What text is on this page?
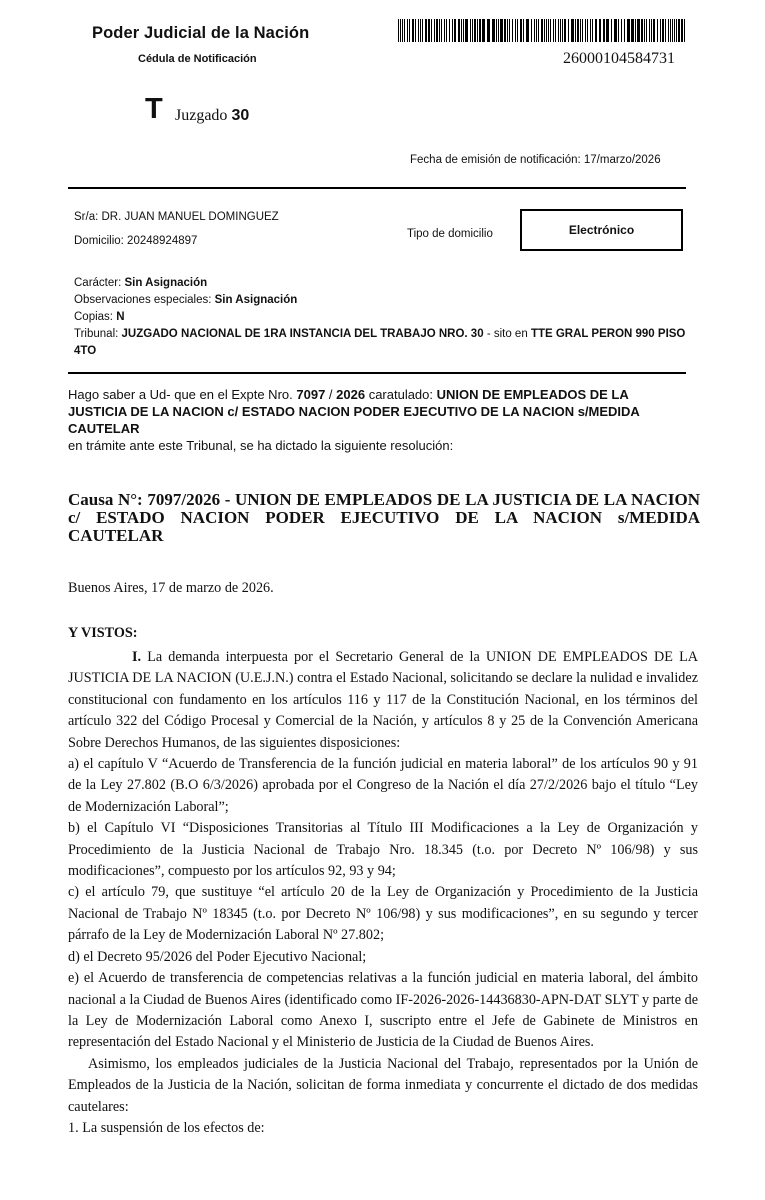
Poder Judicial de la Nación
Cédula de Notificación	26000104584731
T Juzgado 30
Fecha de emisión de notificación: 17/marzo/2026
Sr/a: DR. JUAN MANUEL DOMINGUEZ
Domicilio: 20248924897
Tipo de domicilio	Electrónico
Carácter: Sin Asignación
Observaciones especiales: Sin Asignación
Copias: N
Tribunal: JUZGADO NACIONAL DE 1RA INSTANCIA DEL TRABAJO NRO. 30 - sito en TTE GRAL PERON 990 PISO 4TO
Hago saber a Ud- que en el Expte Nro. 7097 / 2026 caratulado: UNION DE EMPLEADOS DE LA JUSTICIA DE LA NACION c/ ESTADO NACION PODER EJECUTIVO DE LA NACION s/MEDIDA CAUTELAR
en trámite ante este Tribunal, se ha dictado la siguiente resolución:
Causa N°: 7097/2026 - UNION DE EMPLEADOS DE LA JUSTICIA DE LA NACION c/ ESTADO NACION PODER EJECUTIVO DE LA NACION s/MEDIDA CAUTELAR
Buenos Aires, 17 de marzo de 2026.
Y VISTOS:

I. La demanda interpuesta por el Secretario General de la UNION DE EMPLEADOS DE LA JUSTICIA DE LA NACION (U.E.J.N.) contra el Estado Nacional, solicitando se declare la nulidad e invalidez constitucional con fundamento en los artículos 116 y 117 de la Constitución Nacional, en los términos del artículo 322 del Código Procesal y Comercial de la Nación, y artículos 8 y 25 de la Convención Americana Sobre Derechos Humanos, de las siguientes disposiciones:

a) el capítulo V “Acuerdo de Transferencia de la función judicial en materia laboral” de los artículos 90 y 91 de la Ley 27.802 (B.O 6/3/2026) aprobada por el Congreso de la Nación el día 27/2/2026 bajo el título “Ley de Modernización Laboral”;

b) el Capítulo VI “Disposiciones Transitorias al Título III Modificaciones a la Ley de Organización y Procedimiento de la Justicia Nacional de Trabajo Nro. 18.345 (t.o. por Decreto Nº 106/98) y sus modificaciones”, compuesto por los artículos 92, 93 y 94;

c) el artículo 79, que sustituye “el artículo 20 de la Ley de Organización y Procedimiento de la Justicia Nacional de Trabajo Nº 18345 (t.o. por Decreto Nº 106/98) y sus modificaciones”, en su segundo y tercer párrafo de la Ley de Modernización Laboral Nº 27.802;

d) el Decreto 95/2026 del Poder Ejecutivo Nacional;

e) el Acuerdo de transferencia de competencias relativas a la función judicial en materia laboral, del ámbito nacional a la Ciudad de Buenos Aires (identificado como IF-2026-2026-14436830-APN-DAT SLYT y parte de la Ley de Modernización Laboral como Anexo I, suscripto entre el Jefe de Gabinete de Ministros en representación del Estado Nacional y el Ministerio de Justicia de la Ciudad de Buenos Aires.

Asimismo, los empleados judiciales de la Justicia Nacional del Trabajo, representados por la Unión de Empleados de la Justicia de la Nación, solicitan de forma inmediata y concurrente el dictado de dos medidas cautelares:

1. La suspensión de los efectos de:
